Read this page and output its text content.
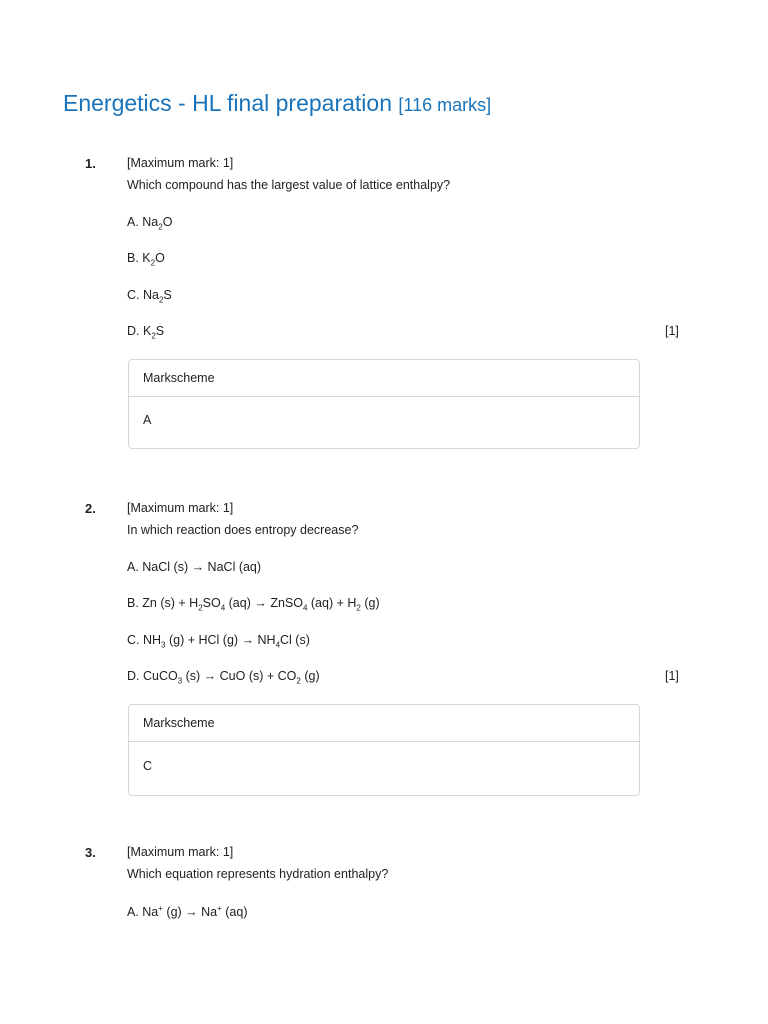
Energetics - HL final preparation [116 marks]
1. [Maximum mark: 1]
Which compound has the largest value of lattice enthalpy?
A. $Na_2O$
B. $K_2O$
C. $Na_2S$
D. $K_2S$	[1]
Markscheme
A
2. [Maximum mark: 1]
In which reaction does entropy decrease?
A. NaCl (s) → NaCl (aq)
B. Zn $(s) + H_2SO_4$ (aq) → ZnSO$_4$ $(aq) + H_2$ (g)
C. $NH_3$ (g) + HCl $(g) \to NH_4Cl$ (s)
D. CuCO$_3$ (s) → CuO $(s) + CO_2$ (g)	[1]
Markscheme
C
3. [Maximum mark: 1]
Which equation represents hydration enthalpy?
A. Na+ (g) → Na+ (aq)
